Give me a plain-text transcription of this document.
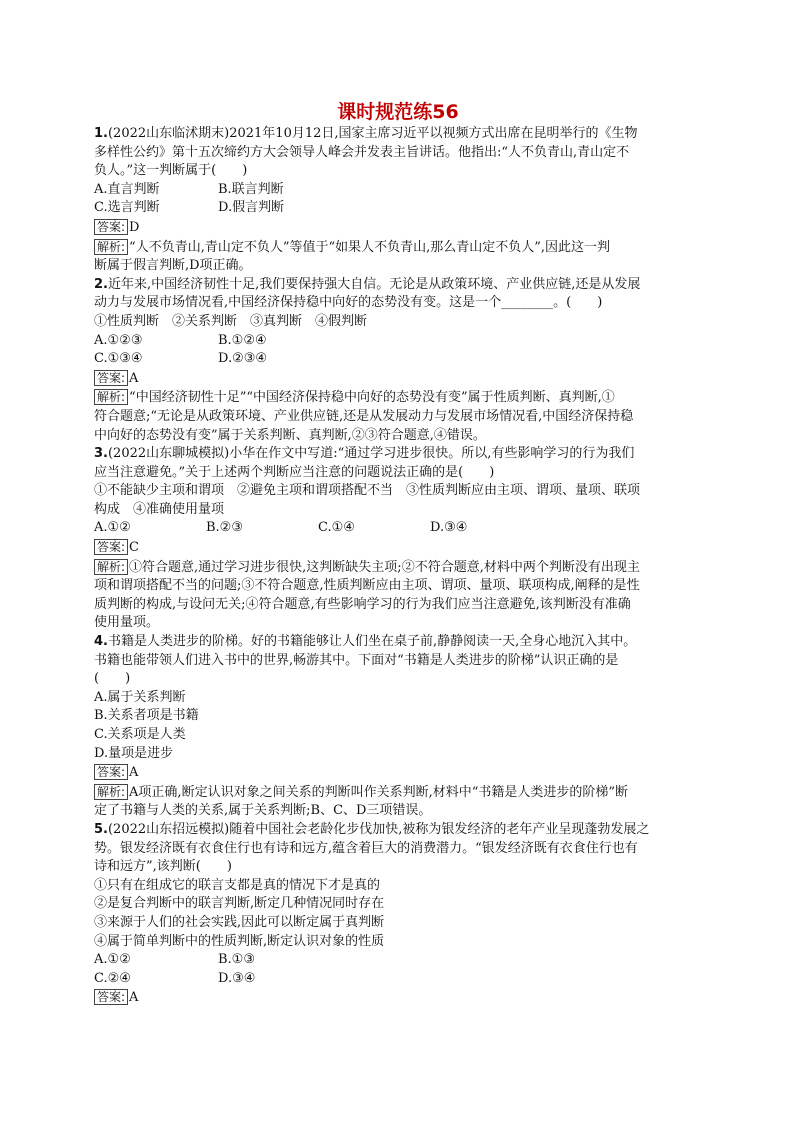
课时规范练56

1.(2022山东临沭期末)2021年10月12日,国家主席习近平以视频方式出席在昆明举行的《生物

多样性公约》第十五次缔约方大会领导人峰会并发表主旨讲话。他指出:“人不负青山,青山定不

负人。”这一判断属于(　　)

A.直言判断	B.联言判断
C.选言判断	D.假言判断

答案: D

解析: “人不负青山,青山定不负人”等值于“如果人不负青山,那么青山定不负人”,因此这一判

断属于假言判断,D项正确。

2.近年来,中国经济韧性十足,我们要保持强大自信。无论是从政策环境、产业供应链,还是从发展

动力与发展市场情况看,中国经济保持稳中向好的态势没有变。这是一个________。(　　)

①性质判断　②关系判断　③真判断　④假判断

A.①②③	B.①②④
C.①③④	D.②③④

答案: A

解析: “中国经济韧性十足”“中国经济保持稳中向好的态势没有变”属于性质判断、真判断,①

符合题意;“无论是从政策环境、产业供应链,还是从发展动力与发展市场情况看,中国经济保持稳

中向好的态势没有变”属于关系判断、真判断,②③符合题意,④错误。

3.(2022山东聊城模拟)小华在作文中写道:“通过学习进步很快。所以,有些影响学习的行为我们

应当注意避免。”关于上述两个判断应当注意的问题说法正确的是(　　)

①不能缺少主项和谓项　②避免主项和谓项搭配不当　③性质判断应由主项、谓项、量项、联项

构成　④准确使用量项

A.①②	B.②③	C.①④	D.③④

答案: C

解析: ①符合题意,通过学习进步很快,这判断缺失主项;②不符合题意,材料中两个判断没有出现主

项和谓项搭配不当的问题;③不符合题意,性质判断应由主项、谓项、量项、联项构成,阐释的是性

质判断的构成,与设问无关;④符合题意,有些影响学习的行为我们应当注意避免,该判断没有准确

使用量项。

4.书籍是人类进步的阶梯。好的书籍能够让人们坐在桌子前,静静阅读一天,全身心地沉入其中。

书籍也能带领人们进入书中的世界,畅游其中。下面对“书籍是人类进步的阶梯”认识正确的是

(　　)

A.属于关系判断
B.关系者项是书籍
C.关系项是人类
D.量项是进步

答案: A

解析: A项正确,断定认识对象之间关系的判断叫作关系判断,材料中“书籍是人类进步的阶梯”断

定了书籍与人类的关系,属于关系判断;B、C、D三项错误。

5.(2022山东招远模拟)随着中国社会老龄化步伐加快,被称为银发经济的老年产业呈现蓬勃发展之

势。银发经济既有衣食住行也有诗和远方,蕴含着巨大的消费潜力。“银发经济既有衣食住行也有

诗和远方”,该判断(　　)

①只有在组成它的联言支都是真的情况下才是真的

②是复合判断中的联言判断,断定几种情况同时存在

③来源于人们的社会实践,因此可以断定属于真判断

④属于简单判断中的性质判断,断定认识对象的性质

A.①②	B.①③
C.②④	D.③④

答案: A
